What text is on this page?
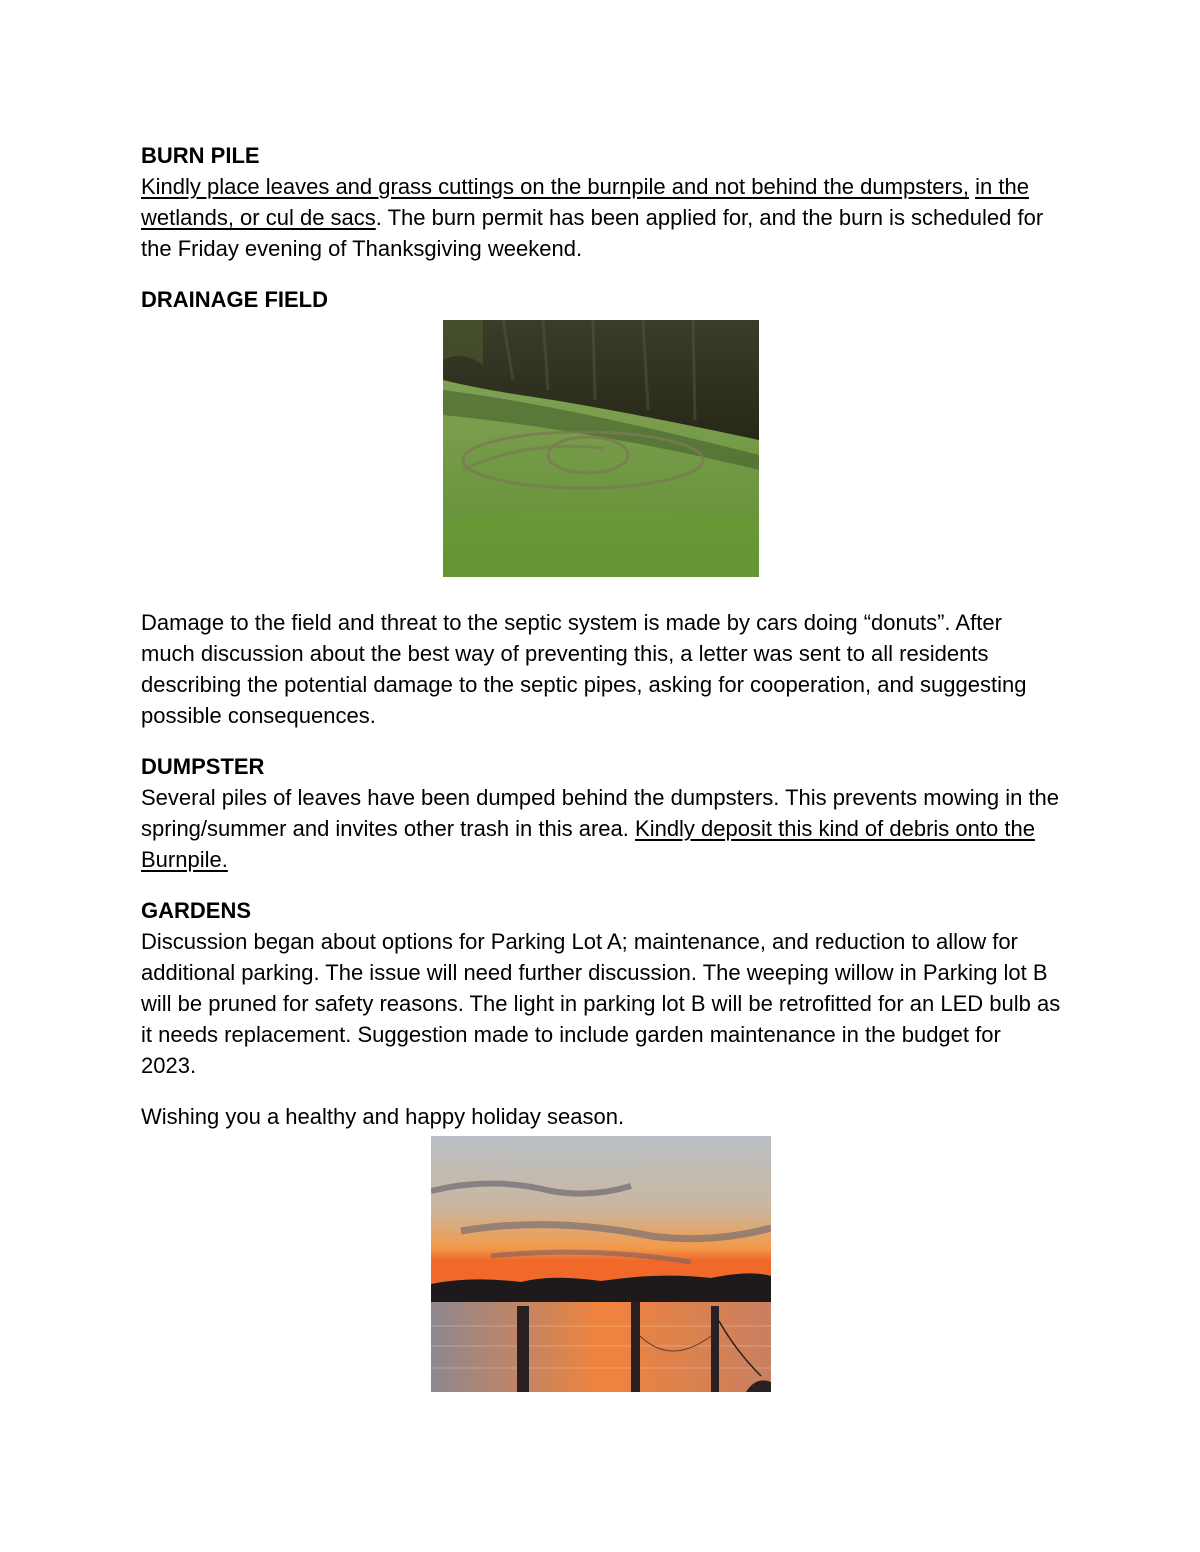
BURN PILE

Kindly place leaves and grass cuttings on the burnpile and not behind the dumpsters, in the wetlands, or cul de sacs. The burn permit has been applied for, and the burn is scheduled for the Friday evening of Thanksgiving weekend.

DRAINAGE FIELD

Damage to the field and threat to the septic system is made by cars doing “donuts”. After much discussion about the best way of preventing this, a letter was sent to all residents describing the potential damage to the septic pipes, asking for cooperation, and suggesting possible consequences.

DUMPSTER

Several piles of leaves have been dumped behind the dumpsters. This prevents mowing in the spring/summer and invites other trash in this area. Kindly deposit this kind of debris onto the Burnpile.

GARDENS

Discussion began about options for Parking Lot A; maintenance, and reduction to allow for additional parking. The issue will need further discussion. The weeping willow in Parking lot B will be pruned for safety reasons. The light in parking lot B will be retrofitted for an LED bulb as it needs replacement. Suggestion made to include garden maintenance in the budget for 2023.

Wishing you a healthy and happy holiday season.
